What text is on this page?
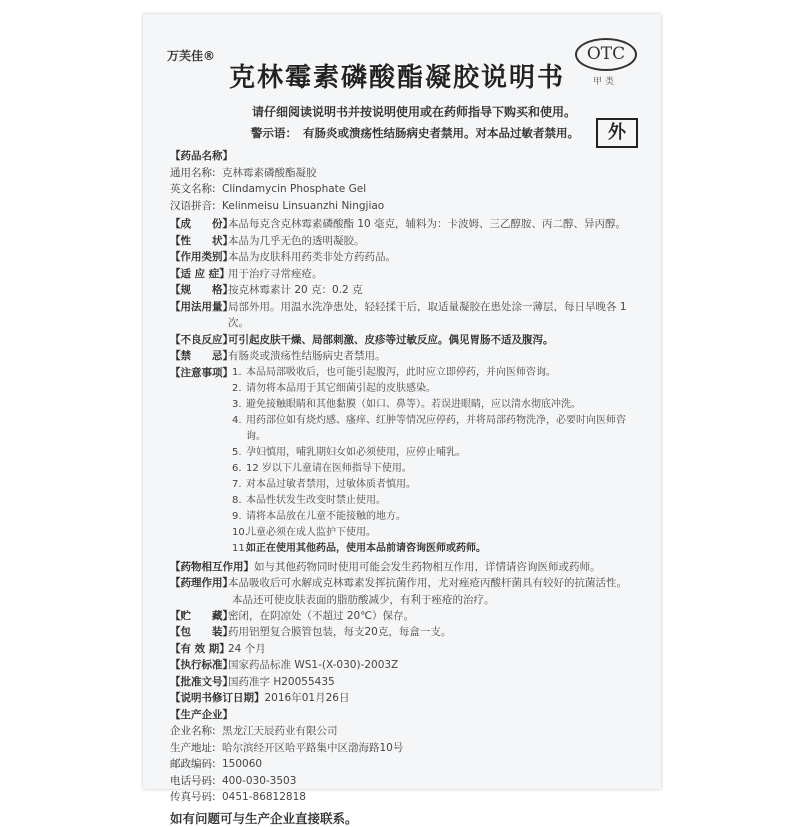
万芙佳®
克林霉素磷酸酯凝胶说明书
OTC
甲类
外
请仔细阅读说明书并按说明使用或在药师指导下购买和使用。
警示语： 有肠炎或溃疡性结肠病史者禁用。对本品过敏者禁用。
【药品名称】
通用名称: 克林霉素磷酸酯凝胶
英文名称: Clindamycin Phosphate Gel
汉语拼音: Kelinmeisu Linsuanzhi Ningjiao
【成　　份】
本品每克含克林霉素磷酸酯 10 毫克，辅料为：卡波姆、三乙醇胺、丙二醇、异丙醇。
【性　　状】
本品为几乎无色的透明凝胶。
【作用类别】
本品为皮肤科用药类非处方药药品。
【适 应 症】
用于治疗寻常痤疮。
【规　　格】
按克林霉素计 20 克：0.2 克
【用法用量】
局部外用。用温水洗净患处，轻轻揉干后，取适量凝胶在患处涂一薄层，每日早晚各 1 次。
【不良反应】
可引起皮肤干燥、局部刺激、皮疹等过敏反应。偶见胃肠不适及腹泻。
【禁　　忌】
有肠炎或溃疡性结肠病史者禁用。
【注意事项】 1. 本品局部吸收后，也可能引起腹泻，此时应立即停药，并向医师咨询。
2. 请勿将本品用于其它细菌引起的皮肤感染。
3. 避免接触眼睛和其他黏膜（如口、鼻等）。若误进眼睛，应以清水彻底冲洗。
4. 用药部位如有烧灼感、瘙痒、红肿等情况应停药，并将局部药物洗净，必要时向医师咨询。
5. 孕妇慎用，哺乳期妇女如必须使用，应停止哺乳。
6. 12 岁以下儿童请在医师指导下使用。
7. 对本品过敏者禁用，过敏体质者慎用。
8. 本品性状发生改变时禁止使用。
9. 请将本品放在儿童不能接触的地方。
10.
儿童必须在成人监护下使用。
11.
如正在使用其他药品，使用本品前请咨询医师或药师。
【药物相互作用】 如与其他药物同时使用可能会发生药物相互作用，详情请咨询医师或药师。
【药理作用】
本品吸收后可水解成克林霉素发挥抗菌作用，尤对痤疮丙酸杆菌具有较好的抗菌活性。
本品还可使皮肤表面的脂肪酸减少，有利于痤疮的治疗。
【贮　　藏】
密闭，在阴凉处（不超过 20℃）保存。
【包　　装】
药用铝塑复合膜管包装，每支20克，每盒一支。
【有 效 期】
24 个月
【执行标准】
国家药品标准 WS1-(X-030)-2003Z
【批准文号】
国药准字 H20055435
【说明书修订日期】 2016年01月26日
【生产企业】
企业名称: 黑龙江天辰药业有限公司
生产地址: 哈尔滨经开区哈平路集中区渤海路10号
邮政编码: 150060
电话号码: 400-030-3503
传真号码: 0451-86812818
如有问题可与生产企业直接联系。
